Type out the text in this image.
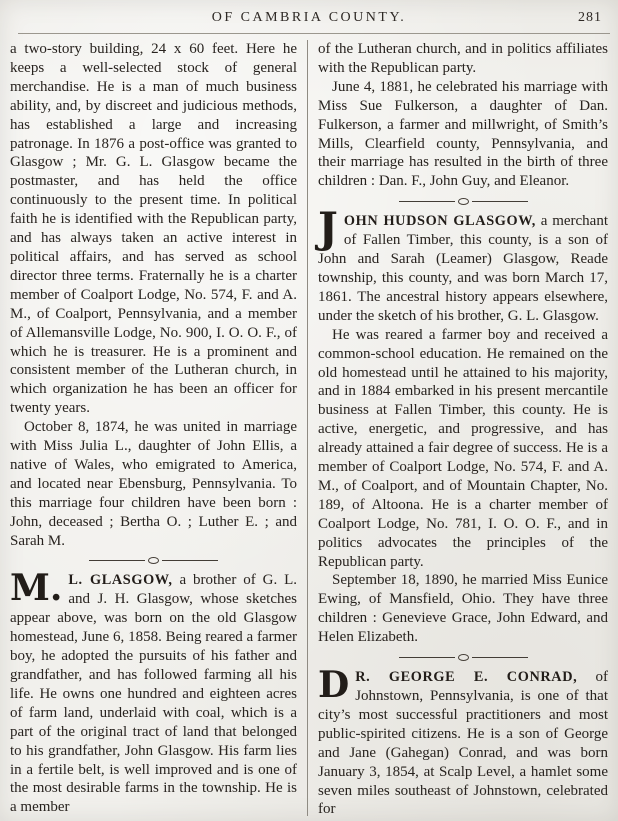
OF CAMBRIA COUNTY.	281

a two-story building, 24 x 60 feet. Here he keeps a well-selected stock of general merchandise. He is a man of much business ability, and, by discreet and judicious methods, has established a large and increasing patronage. In 1876 a post-office was granted to Glasgow ; Mr. G. L. Glasgow became the postmaster, and has held the office continuously to the present time. In political faith he is identified with the Republican party, and has always taken an active interest in political affairs, and has served as school director three terms. Fraternally he is a charter member of Coalport Lodge, No. 574, F. and A. M., of Coalport, Pennsylvania, and a member of Allemansville Lodge, No. 900, I. O. O. F., of which he is treasurer. He is a prominent and consistent member of the Lutheran church, in which organization he has been an officer for twenty years.

October 8, 1874, he was united in marriage with Miss Julia L., daughter of John Ellis, a native of Wales, who emigrated to America, and located near Ebensburg, Pennsylvania. To this marriage four children have been born : John, deceased ; Bertha O. ; Luther E. ; and Sarah M.

M. L. GLASGOW, a brother of G. L. and J. H. Glasgow, whose sketches appear above, was born on the old Glasgow homestead, June 6, 1858. Being reared a farmer boy, he adopted the pursuits of his father and grandfather, and has followed farming all his life. He owns one hundred and eighteen acres of farm land, underlaid with coal, which is a part of the original tract of land that belonged to his grandfather, John Glasgow. His farm lies in a fertile belt, is well improved and is one of the most desirable farms in the township. He is a member

of the Lutheran church, and in politics affiliates with the Republican party.

June 4, 1881, he celebrated his marriage with Miss Sue Fulkerson, a daughter of Dan. Fulkerson, a farmer and millwright, of Smith’s Mills, Clearfield county, Pennsylvania, and their marriage has resulted in the birth of three children : Dan. F., John Guy, and Eleanor.

J OHN HUDSON GLASGOW, a merchant of Fallen Timber, this county, is a son of John and Sarah (Leamer) Glasgow, Reade township, this county, and was born March 17, 1861. The ancestral history appears elsewhere, under the sketch of his brother, G. L. Glasgow.

He was reared a farmer boy and received a common-school education. He remained on the old homestead until he attained to his majority, and in 1884 embarked in his present mercantile business at Fallen Timber, this county. He is active, energetic, and progressive, and has already attained a fair degree of success. He is a member of Coalport Lodge, No. 574, F. and A. M., of Coalport, and of Mountain Chapter, No. 189, of Altoona. He is a charter member of Coalport Lodge, No. 781, I. O. O. F., and in politics advocates the principles of the Republican party.

September 18, 1890, he married Miss Eunice Ewing, of Mansfield, Ohio. They have three children : Genevieve Grace, John Edward, and Helen Elizabeth.

D R. GEORGE E. CONRAD, of Johnstown, Pennsylvania, is one of that city’s most successful practitioners and most public-spirited citizens. He is a son of George and Jane (Gahegan) Conrad, and was born January 3, 1854, at Scalp Level, a hamlet some seven miles southeast of Johnstown, celebrated for
